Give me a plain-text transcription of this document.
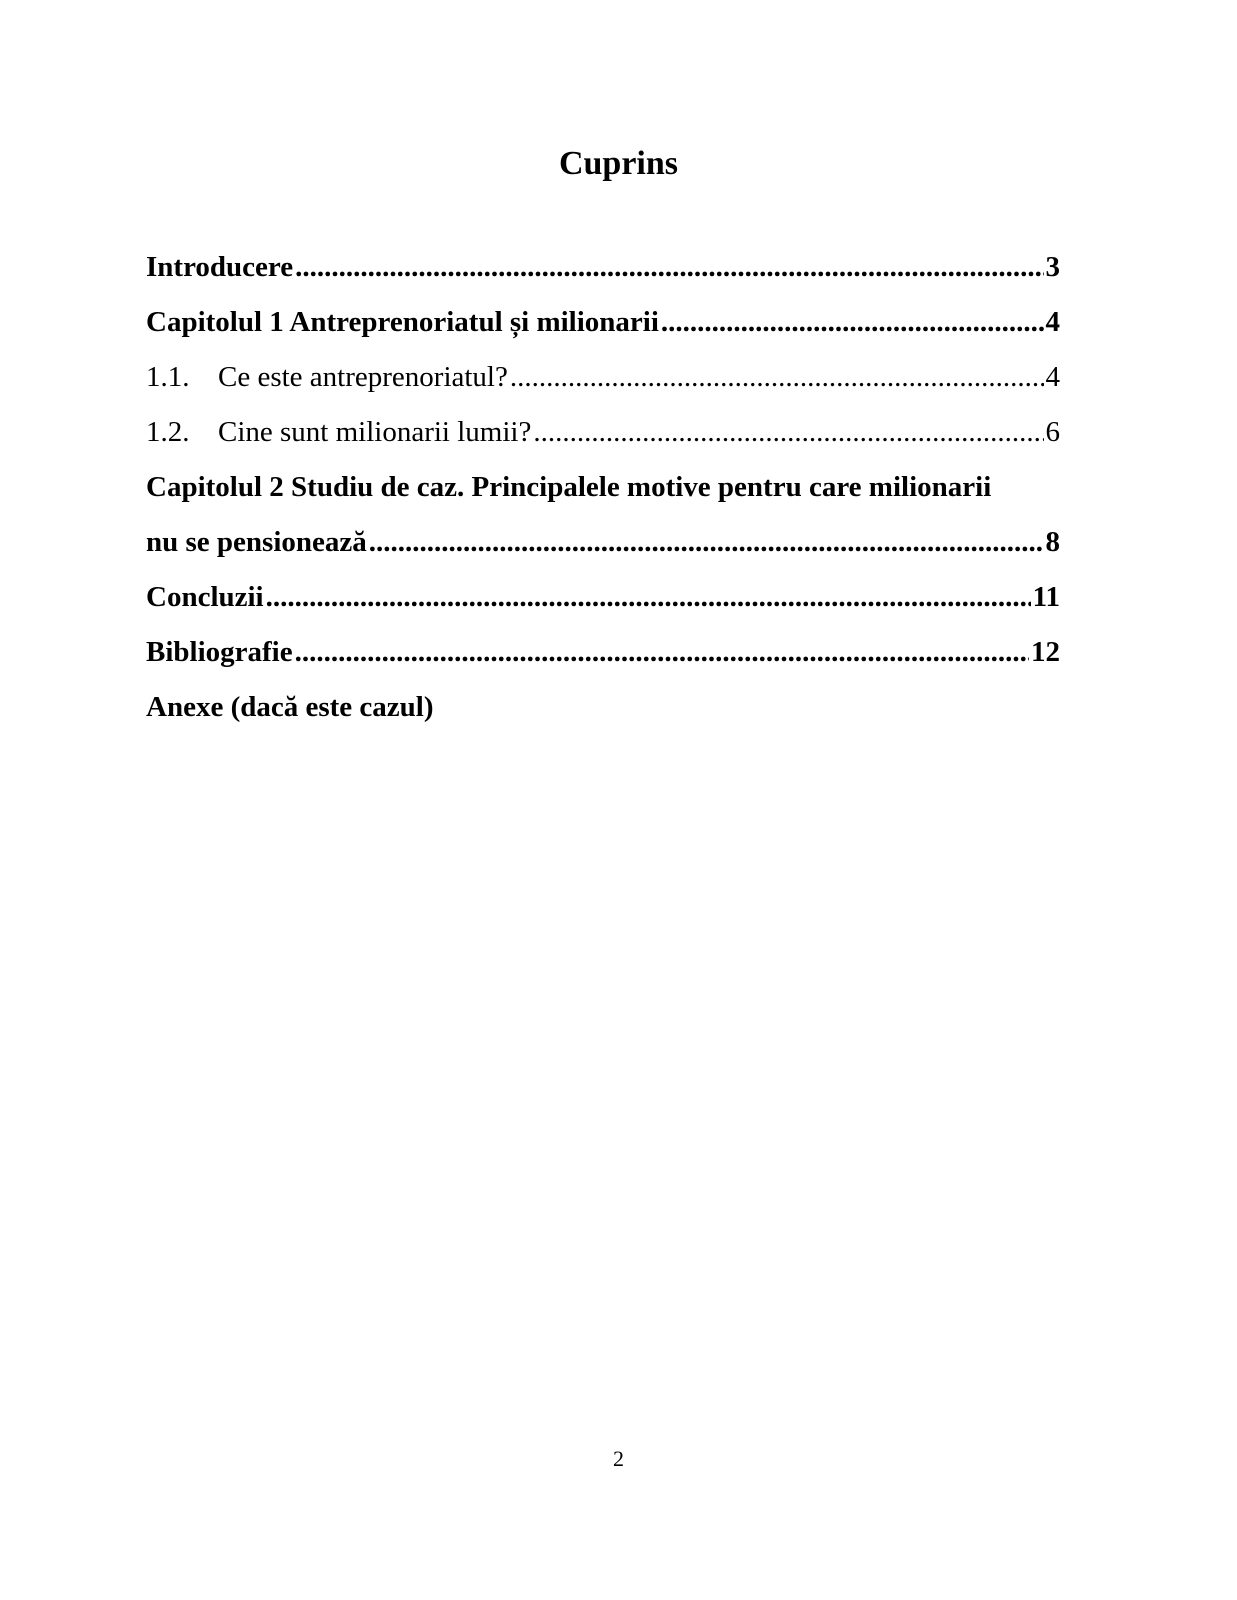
Cuprins
Introducere .....	3
Capitolul 1 Antreprenoriatul și milionarii .....	4
1.1. Ce este antreprenoriatul? .....	4
1.2. Cine sunt milionarii lumii? .....	6
Capitolul 2 Studiu de caz. Principalele motive pentru care milionarii
nu se pensionează .....	8
Concluzii .....	11
Bibliografie .....	12
Anexe (dacă este cazul)
2
